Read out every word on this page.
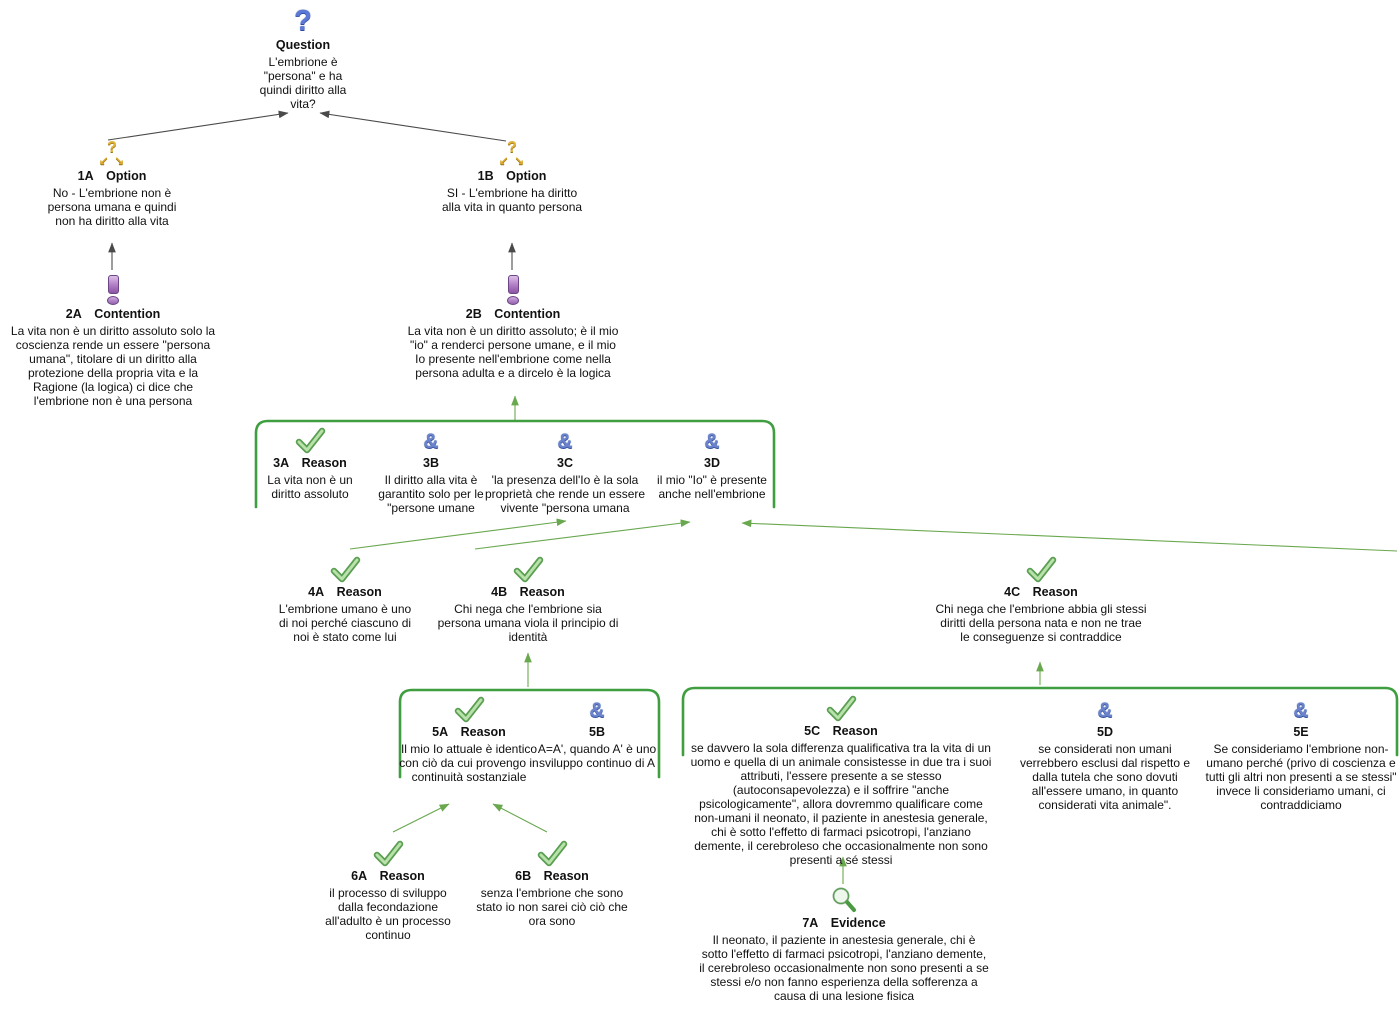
?
Question
L'embrione è "persona" e ha quindi diritto alla vita?
?
↙ ↘
1A Option
No - L'embrione non è persona umana e quindi non ha diritto alla vita
?
↙ ↘
1B Option
SI - L'embrione ha diritto alla vita in quanto persona
2A Contention
La vita non è un diritto assoluto solo la coscienza rende un essere "persona umana", titolare di un diritto alla protezione della propria vita e la Ragione (la logica) ci dice che l'embrione non è una persona
2B Contention
La vita non è un diritto assoluto; è il mio "io" a renderci persone umane, e il mio Io presente nell'embrione come nella persona adulta e a dircelo è la logica
3A Reason
La vita non è un diritto assoluto
&
3B
Il diritto alla vita è garantito solo per le "persone umane
&
3C
'la presenza dell'Io è la sola proprietà che rende un essere vivente "persona umana
&
3D
il mio "Io" è presente anche nell'embrione
4A Reason
L'embrione umano è uno di noi perché ciascuno di noi è stato come lui
4B Reason
Chi nega che l'embrione sia persona umana viola il principio di identità
4C Reason
Chi nega che l'embrione abbia gli stessi diritti della persona nata e non ne trae le conseguenze si contraddice
5A Reason
Il mio Io attuale è identico con ciò da cui provengo in continuità sostanziale
&
5B
A=A', quando A' è uno sviluppo continuo di A
5C Reason
se davvero la sola differenza qualificativa tra la vita di un uomo e quella di un animale consistesse in due tra i suoi attributi, l'essere presente a se stesso (autoconsapevolezza) e il soffrire "anche psicologicamente", allora dovremmo qualificare come non-umani il neonato, il paziente in anestesia generale, chi è sotto l'effetto di farmaci psicotropi, l'anziano demente, il cerebroleso che occasionalmente non sono presenti a sé stessi
&
5D
se considerati non umani verrebbero esclusi dal rispetto e dalla tutela che sono dovuti all'essere umano, in quanto considerati vita animale".
&
5E
Se consideriamo l'embrione non-umano perché (privo di coscienza e tutti gli altri non presenti a se stessi" invece li consideriamo umani, ci contraddiciamo
6A Reason
il processo di sviluppo dalla fecondazione all'adulto è un processo continuo
6B Reason
senza l'embrione che sono stato io non sarei ciò ciò che ora sono	7A Evidence
Il neonato, il paziente in anestesia generale, chi è sotto l'effetto di farmaci psicotropi, l'anziano demente, il cerebroleso occasionalmente non sono presenti a se stessi e/o non fanno esperienza della sofferenza a causa di una lesione fisica
